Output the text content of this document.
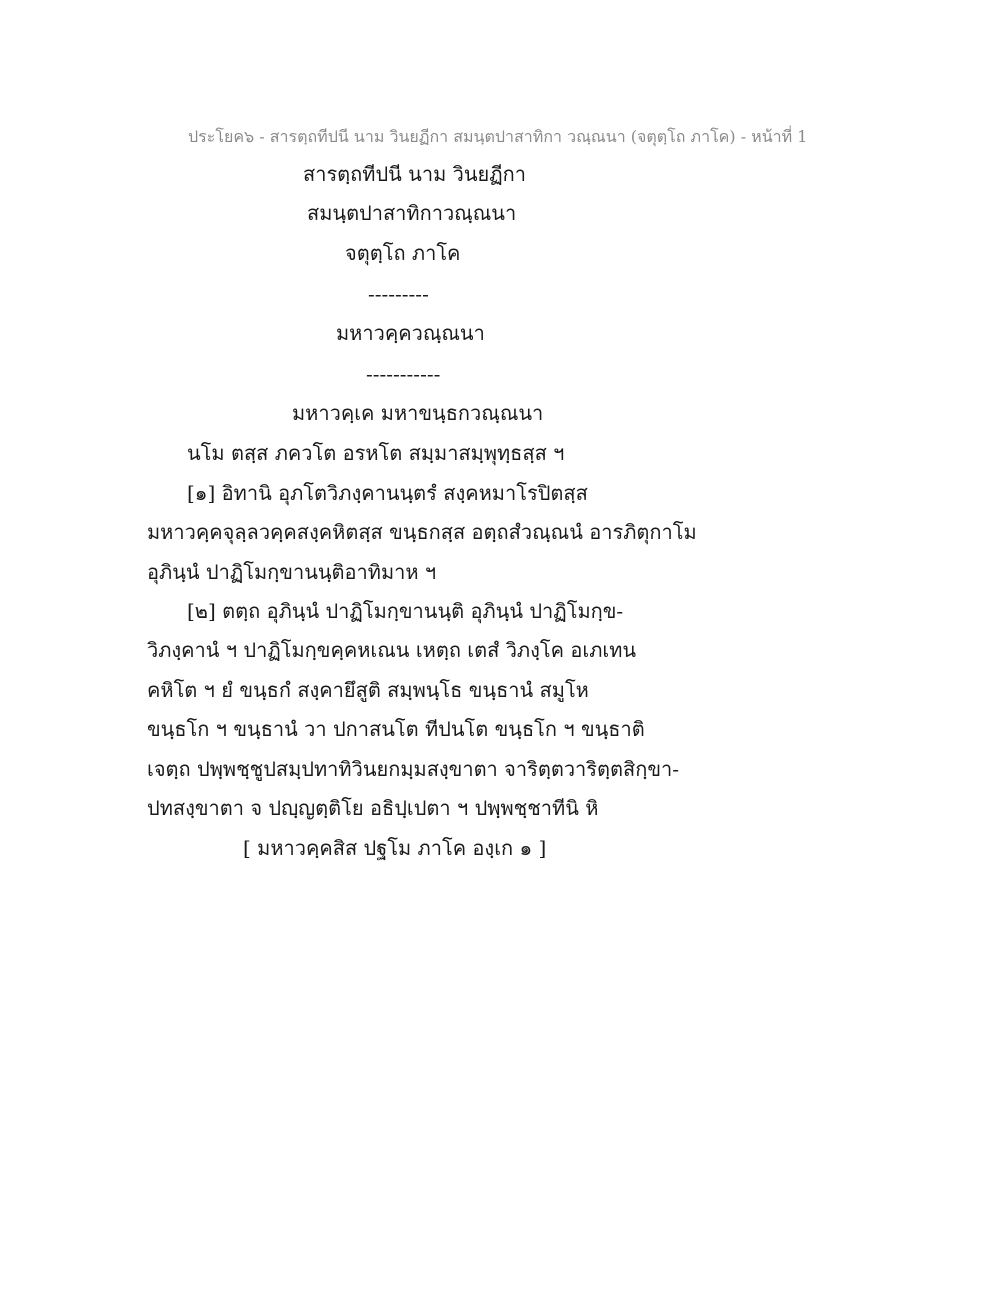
ประโยค๖ - สารตฺถทีปนี นาม วินยฏีกา สมนฺตปาสาทิกา วณฺณนา (จตุตฺโถ ภาโค) - หน้าที่ 1
สารตฺถทีปนี นาม วินยฏีกา
สมนฺตปาสาทิกาวณฺณนา
จตุตฺโถ ภาโค
---------
มหาวคฺควณฺณนา
-----------
มหาวคฺเค มหาขนฺธกวณฺณนา
นโม ตสฺส ภควโต อรหโต สมฺมาสมฺพุทฺธสฺส ฯ
[๑] อิทานิ อุภโตวิภงฺคานนฺตรํ สงฺคหมาโรปิตสฺส
มหาวคฺคจุลฺลวคฺคสงฺคหิตสฺส ขนฺธกสฺส อตฺถสํวณฺณนํ อารภิตุกาโม
อุภินฺนํ ปาฏิโมกฺขานนฺติอาทิมาห ฯ
[๒] ตตฺถ อุภินฺนํ ปาฏิโมกฺขานนฺติ อุภินฺนํ ปาฏิโมกฺข-
วิภงฺคานํ ฯ ปาฏิโมกฺขคฺคหเณน เหตฺถ เตสํ วิภงฺโค อเภเทน
คหิโต ฯ ยํ ขนฺธกํ สงฺคายึสูติ สมฺพนฺโธ ขนฺธานํ สมูโห
ขนฺธโก ฯ ขนฺธานํ วา ปกาสนโต ทีปนโต ขนฺธโก ฯ ขนฺธาติ
เจตฺถ ปพฺพชฺชูปสมฺปทาทิวินยกมฺมสงฺขาตา จาริตฺตวาริตฺตสิกฺขา-
ปทสงฺขาตา จ ปญฺญตฺติโย อธิปฺเปตา ฯ ปพฺพชฺชาทีนิ หิ
[ มหาวคฺคสิส ปฐโม ภาโค องฺเก ๑ ]
